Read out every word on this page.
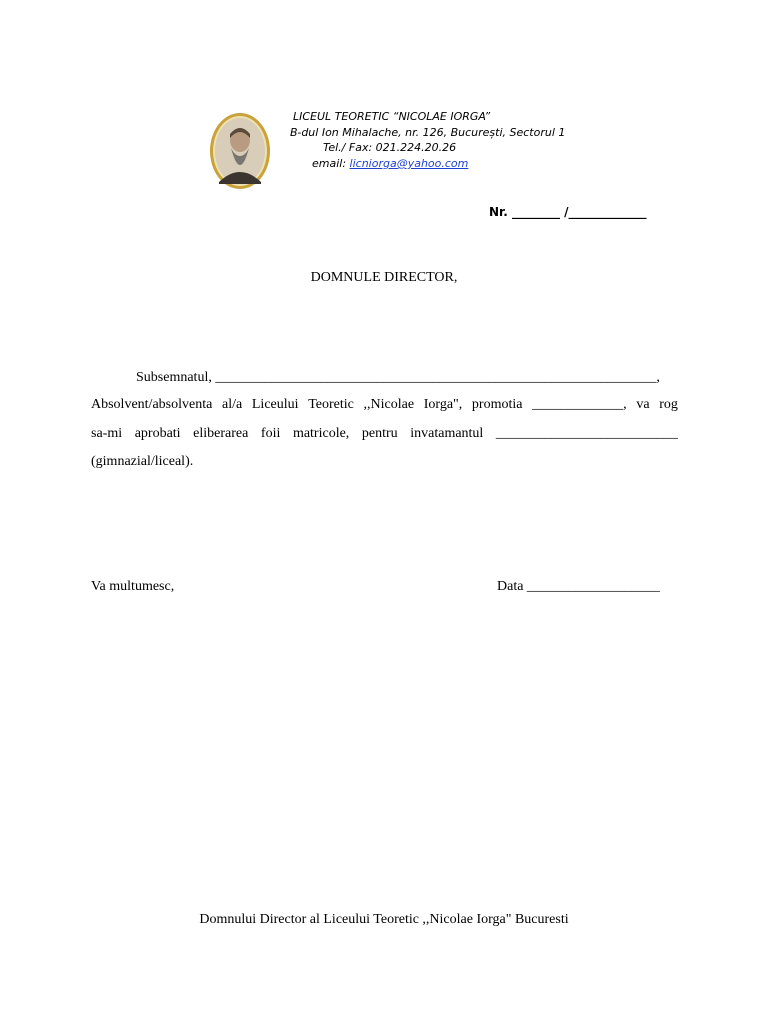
LICEUL TEORETIC “NICOLAE IORGA”
B-dul Ion Mihalache, nr. 126, București, Sectorul 1
Tel./ Fax: 021.224.20.26
email: licniorga@yahoo.com
Nr. ________ /_____________
DOMNULE DIRECTOR,
Subsemnatul, _______________________________________________________________,
Absolvent/absolventa al/a Liceului Teoretic ,,Nicolae Iorga", promotia _____________, va rog
sa-mi aprobati eliberarea foii matricole, pentru invatamantul __________________________
(gimnazial/liceal).
Va multumesc,	Data ___________________
Domnului Director al Liceului Teoretic ,,Nicolae Iorga" Bucuresti
